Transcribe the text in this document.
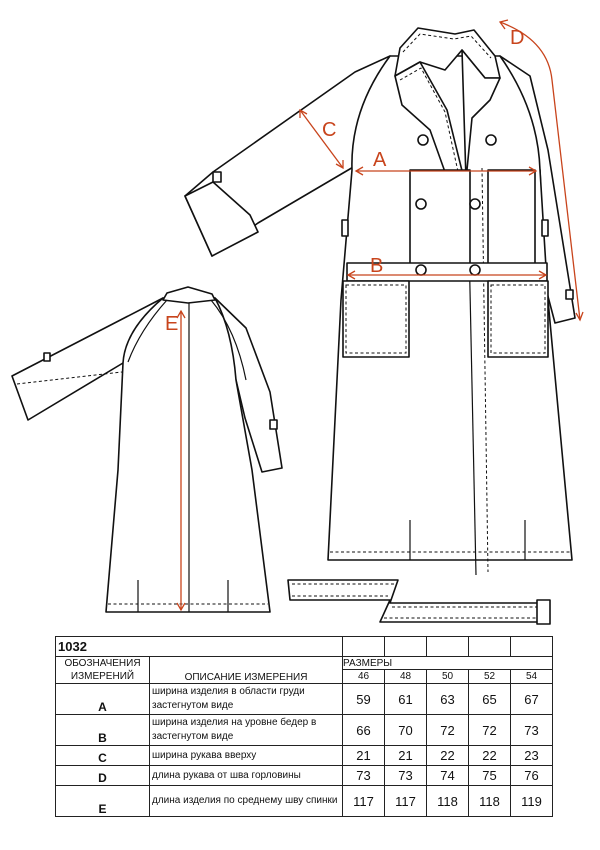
E
A
B
C
D
1032						
ОБОЗНАЧЕНИЯ ИЗМЕРЕНИЙ	ОПИСАНИЕ ИЗМЕРЕНИЯ	РАЗМЕРЫ				
		46	48	50	52	54
A	ширина изделия в области груди застегнутом виде	59	61	63	65	67
B	ширина изделия на уровне бедер в застегнутом виде	66	70	72	72	73
C	ширина рукава вверху	21	21	22	22	23
D	длина рукава от шва горловины	73	73	74	75	76
E	длина изделия по среднему шву спинки	117	117	118	118	119
